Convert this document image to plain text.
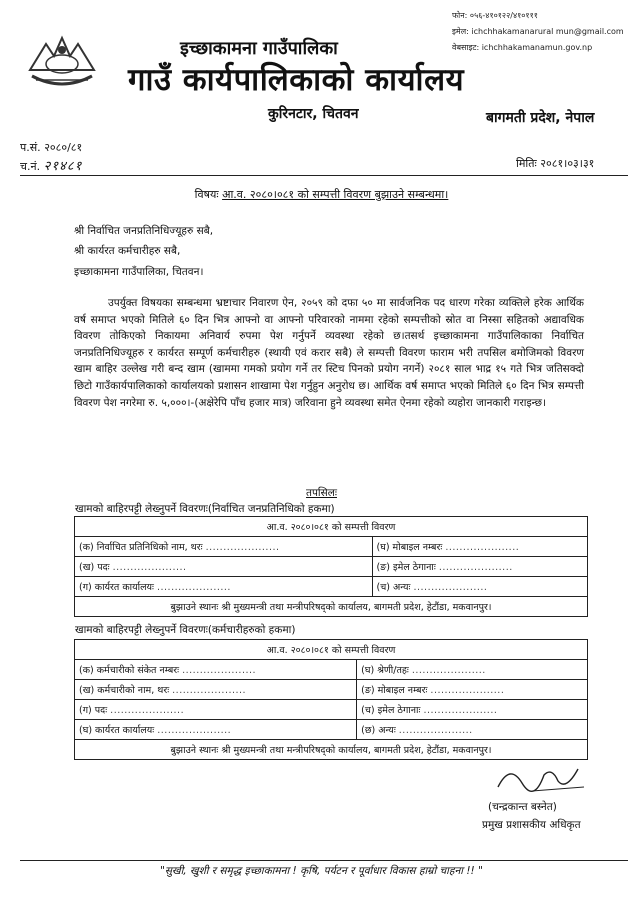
इच्छाकामना गाउँपालिका
गाउँ कार्यपालिकाको कार्यालय
कुरिनटार, चितवन
फोन: ०५६-४१०१२२/४१०१११
इमेल: ichchhakamanarural mun@gmail.com
वेबसाइट: ichchhakamanamun.gov.np
बागमती प्रदेश, नेपाल
प.सं. २०८०/८१
च.नं. २१४८१	मितिः २०८१।०३।३१
विषयः आ.व. २०८०।०८१ को सम्पत्ती विवरण बुझाउने सम्बन्धमा।
श्री निर्वाचित जनप्रतिनिधिज्यूहरु सबै,
श्री कार्यरत कर्मचारीहरु सबै,
इच्छाकामना गाउँपालिका, चितवन।
उपर्युक्त विषयका सम्बन्धमा भ्रष्टाचार निवारण ऐन, २०५९ को दफा ५० मा सार्वजनिक पद धारण गरेका व्यक्तिले हरेक आर्थिक वर्ष समाप्त भएको मितिले ६० दिन भित्र आफ्नो वा आफ्नो परिवारको नाममा रहेको सम्पत्तीको स्रोत वा निस्सा सहितको अद्यावधिक विवरण तोकिएको निकायमा अनिवार्य रुपमा पेश गर्नुपर्ने व्यवस्था रहेको छ।तसर्थ इच्छाकामना गाउँपालिकाका निर्वाचित जनप्रतिनिधिज्यूहरु र कार्यरत सम्पूर्ण कर्मचारीहरु (स्थायी एवं करार सबै) ले सम्पत्ती विवरण फाराम भरी तपसिल बमोजिमको विवरण खाम बाहिर उल्लेख गरी बन्द खाम (खाममा गमको प्रयोग गर्ने तर स्टिच पिनको प्रयोग नगर्ने) २०८१ साल भाद्र १५ गते भित्र जतिसक्दो छिटो गाउँकार्यपालिकाको कार्यालयको प्रशासन शाखामा पेश गर्नुहुन अनुरोध छ। आर्थिक वर्ष समाप्त भएको मितिले ६० दिन भित्र सम्पत्ती विवरण पेश नगरेमा रु. ५,०००।-(अक्षेरेपि पाँच हजार मात्र) जरिवाना हुने व्यवस्था समेत ऐनमा रहेको व्यहोरा जानकारी गराइन्छ।
तपसिलः
खामको बाहिरपट्टी लेख्नुपर्ने विवरणः(निर्वाचित जनप्रतिनिधिको हकमा)
आ.व. २०८०।०८१ को सम्पत्ती विवरण	
(क) निर्वाचित प्रतिनिधिको नाम, थरः .....................	(घ) मोबाइल नम्बरः .....................
(ख) पदः .....................	(ङ) इमेल ठेगानाः .....................
(ग) कार्यरत कार्यालयः .....................	(च) अन्यः .....................
बुझाउने स्थानः श्री मुख्यमन्त्री तथा मन्त्रीपरिषद्को कार्यालय, बागमती प्रदेश, हेटौंडा, मकवानपुर।	
खामको बाहिरपट्टी लेख्नुपर्ने विवरणः(कर्मचारीहरुको हकमा)
आ.व. २०८०।०८१ को सम्पत्ती विवरण	
(क) कर्मचारीको संकेत नम्बरः .....................	(घ) श्रेणी/तहः .....................
(ख) कर्मचारीको नाम, थरः .....................	(ङ) मोबाइल नम्बरः .....................
(ग) पदः .....................	(च) इमेल ठेगानाः .....................
(घ) कार्यरत कार्यालयः .....................	(छ) अन्यः .....................
बुझाउने स्थानः श्री मुख्यमन्त्री तथा मन्त्रीपरिषद्को कार्यालय, बागमती प्रदेश, हेटौंडा, मकवानपुर।	
(चन्द्रकान्त बस्नेत)
प्रमुख प्रशासकीय अधिकृत
"सुखी, खुशी र समृद्ध इच्छाकामना ! कृषि, पर्यटन र पूर्वाधार विकास हाम्रो चाहना !! "
